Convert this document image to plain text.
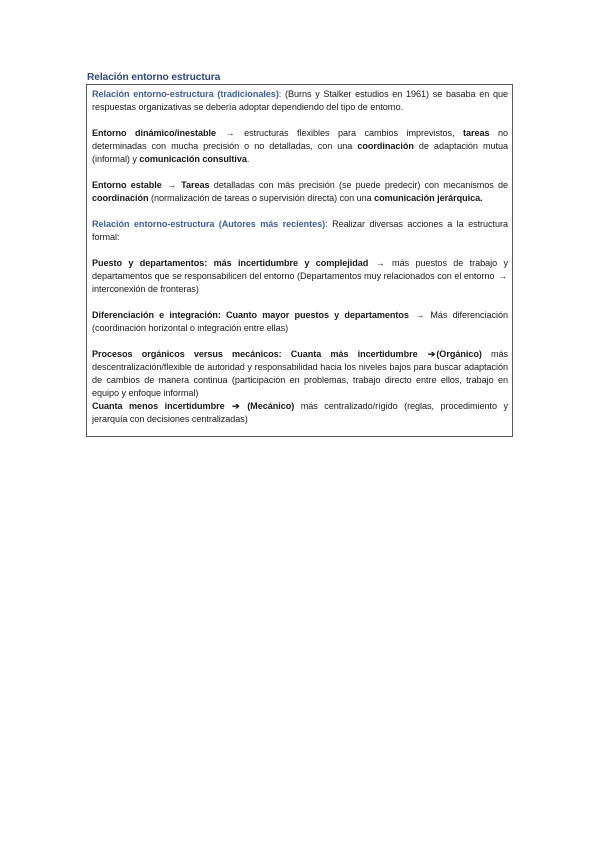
Relación entorno estructura

Relación entorno-estructura (tradicionales): (Burns y Stalker estudios en 1961) se basaba en que respuestas organizativas se debería adoptar dependiendo del tipo de entorno.

Entorno dinámico/inestable → estructuras flexibles para cambios imprevistos, tareas no determinadas con mucha precisión o no detalladas, con una coordinación de adaptación mutua (informal) y comunicación consultiva.

Entorno estable → Tareas detalladas con más precisión (se puede predecir) con mecanismos de coordinación (normalización de tareas o supervisión directa) con una comunicación jerárquica.

Relación entorno-estructura (Autores más recientes): Realizar diversas acciones a la estructura formal:

Puesto y departamentos: más incertidumbre y complejidad → más puestos de trabajo y departamentos que se responsabilicen del entorno (Departamentos muy relacionados con el entorno → interconexión de fronteras)

Diferenciación e integración: Cuanto mayor puestos y departamentos → Más diferenciación (coordinación horizontal o integración entre ellas)

Procesos orgánicos versus mecánicos: Cuanta más incertidumbre ➔(Orgánico) más descentralización/flexible de autoridad y responsabilidad hacia los niveles bajos para buscar adaptación de cambios de manera continua (participación en problemas, trabajo directo entre ellos, trabajo en equipo y enfoque informal)

Cuanta menos incertidumbre ➔ (Mecánico) más centralizado/rígido (reglas, procedimiento y jerarquía con decisiones centralizadas)
